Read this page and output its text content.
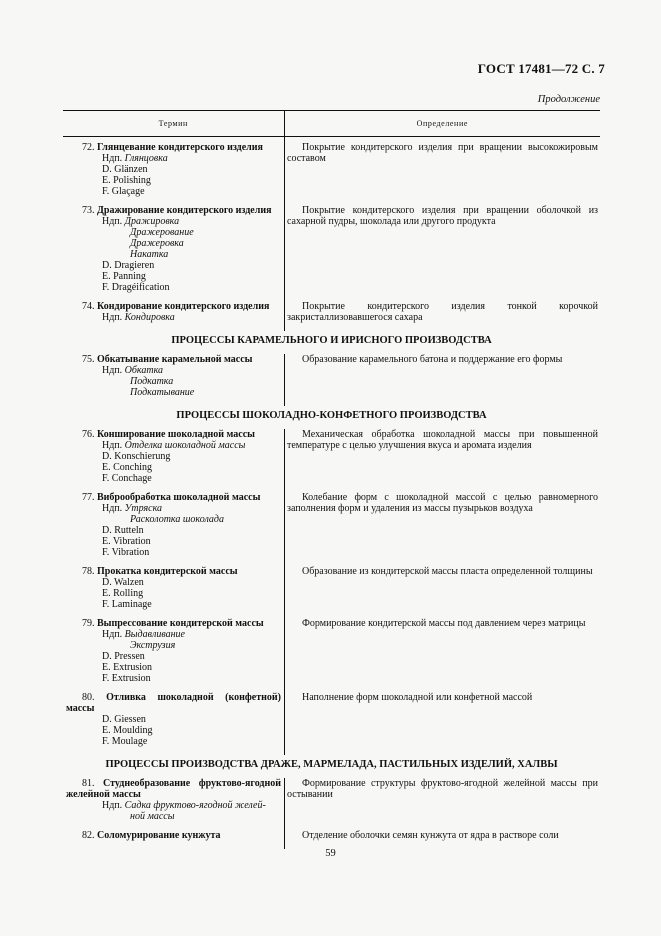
ГОСТ 17481—72 С. 7
Продолжение
Термин	Определение
72. Глянцевание кондитерского изделия
Ндп. Глянцовка
D. Glänzen
E. Polishing
F. Glaçage
Покрытие кондитерского изделия при вращении высокожировым составом
73. Дражирование кондитерского изделия
Ндп. Дражировка
Дражерование
Дражеровка
Накатка
D. Dragieren
E. Panning
F. Dragéification
Покрытие кондитерского изделия при вращении оболочкой из сахарной пудры, шоколада или другого продукта
74. Кондирование кондитерского изделия
Ндп. Кондировка
Покрытие кондитерского изделия тонкой корочкой закристаллизовавшегося сахара
ПРОЦЕССЫ КАРАМЕЛЬНОГО И ИРИСНОГО ПРОИЗВОДСТВА
75. Обкатывание карамельной массы
Ндп. Обкатка
Подкатка
Подкатывание
Образование карамельного батона и поддержание его формы
ПРОЦЕССЫ ШОКОЛАДНО-КОНФЕТНОГО ПРОИЗВОДСТВА
76. Конширование шоколадной массы
Ндп. Отделка шоколадной массы
D. Konschierung
E. Conching
F. Conchage
Механическая обработка шоколадной массы при повышенной температуре с целью улучшения вкуса и аромата изделия
77. Виброобработка шоколадной массы
Ндп. Утряска
Расколотка шоколада
D. Rutteln
E. Vibration
F. Vibration
Колебание форм с шоколадной массой с целью равномерного заполнения форм и удаления из массы пузырьков воздуха
78. Прокатка кондитерской массы
D. Walzen
E. Rolling
F. Laminage
Образование из кондитерской массы пласта определенной толщины
79. Выпрессование кондитерской массы
Ндп. Выдавливание
Экструзия
D. Pressen
E. Extrusion
F. Extrusion
Формирование кондитерской массы под давлением через матрицы
80. Отливка шоколадной (конфетной)
массы
D. Giessen
E. Moulding
F. Moulage
Наполнение форм шоколадной или конфетной массой
ПРОЦЕССЫ ПРОИЗВОДСТВА ДРАЖЕ, МАРМЕЛАДА, ПАСТИЛЬНЫХ ИЗДЕЛИЙ, ХАЛВЫ
81. Студнеобразование фруктово-ягодной
желейной массы
Ндп. Садка фруктово-ягодной желей-
ной массы
Формирование структуры фруктово-ягодной желейной массы при остывании
82. Соломурирование кунжута	Отделение оболочки семян кунжута от ядра в растворе соли
59
